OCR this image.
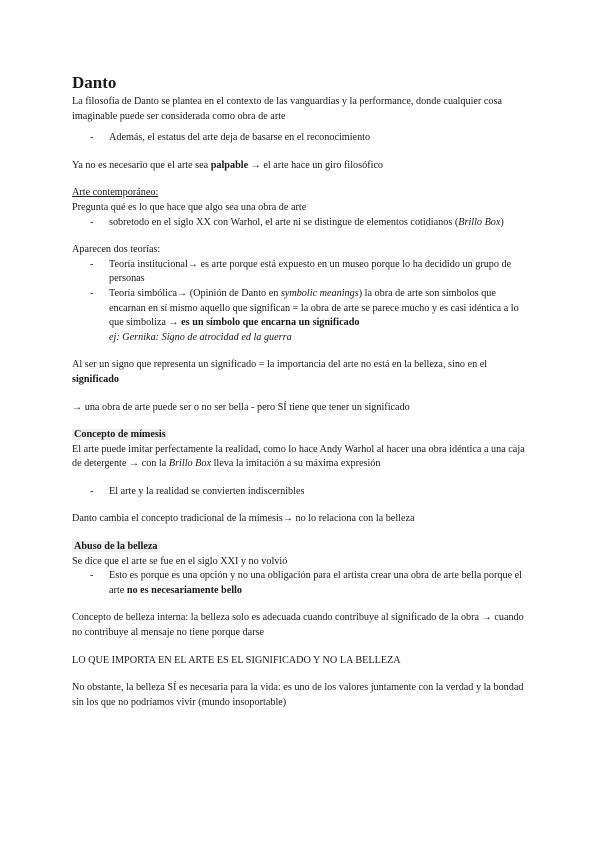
Danto

La filosofía de Danto se plantea en el contexto de las vanguardias y la performance, donde cualquier cosa imaginable puede ser considerada como obra de arte

- Además, el estatus del arte deja de basarse en el reconocimiento

Ya no es necesario que el arte sea palpable → el arte hace un giro filosófico

Arte contemporáneo:

Pregunta qué es lo que hace que algo sea una obra de arte

- sobretodo en el siglo XX con Warhol, el arte ni se distingue de elementos cotidianos (Brillo Box)

Aparecen dos teorías:

- Teoría institucional→ es arte porque está expuesto en un museo porque lo ha decidido un grupo de personas
- Teoría simbólica→ (Opinión de Danto en symbolic meanings) la obra de arte son símbolos que encarnan en sí mismo aquello que significan = la obra de arte se parece mucho y es casi idéntica a lo que simboliza → es un símbolo que encarna un significado
ej: Gernika: Signo de atrocidad ed la guerra

Al ser un signo que representa un significado = la importancia del arte no está en la belleza, sino en el significado

→ una obra de arte puede ser o no ser bella - pero SÍ tiene que tener un significado

Concepto de mímesis

El arte puede imitar perfectamente la realidad, como lo hace Andy Warhol al hacer una obra idéntica a una caja de detergente → con la Brillo Box lleva la imitación a su máxima expresión

- El arte y la realidad se convierten indiscernibles

Danto cambia el concepto tradicional de la mímesis→ no lo relaciona con la belleza

Abuso de la belleza

Se dice que el arte se fue en el siglo XXI y no volvió

- Esto es porque es una opción y no una obligación para el artista crear una obra de arte bella porque el arte no es necesariamente bello

Concepto de belleza interna: la belleza solo es adecuada cuando contribuye al significado de la obra → cuando no contribuye al mensaje no tiene porque darse

LO QUE IMPORTA EN EL ARTE ES EL SIGNIFICADO Y NO LA BELLEZA

No obstante, la belleza SÍ es necesaria para la vida: es uno de los valores juntamente con la verdad y la bondad sin los que no podríamos vivir (mundo insoportable)
